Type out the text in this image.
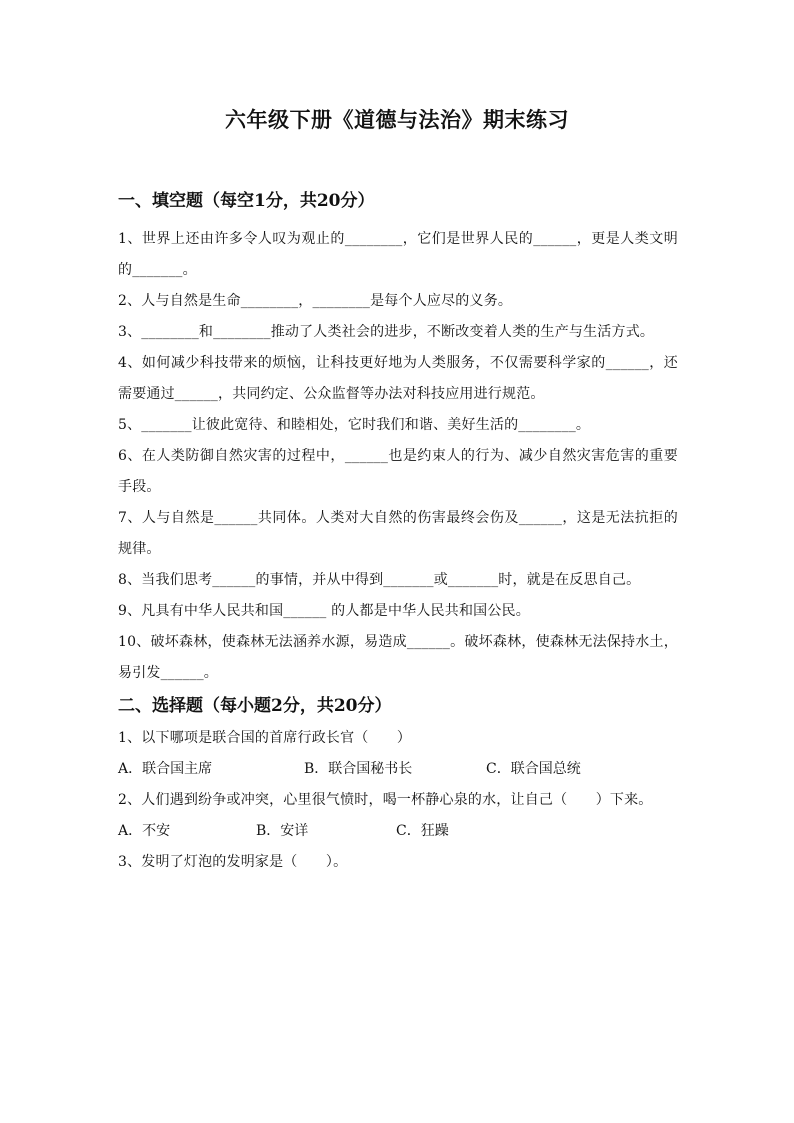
六年级下册《道德与法治》期末练习
一、填空题（每空1分，共20分）
1、世界上还由许多令人叹为观止的________，它们是世界人民的______，更是人类文明的_______。
2、人与自然是生命________，________是每个人应尽的义务。
3、________和________推动了人类社会的进步，不断改变着人类的生产与生活方式。
4、如何减少科技带来的烦恼，让科技更好地为人类服务，不仅需要科学家的______，还需要通过______，共同约定、公众监督等办法对科技应用进行规范。
5、_______让彼此宽待、和睦相处，它时我们和谐、美好生活的________。
6、在人类防御自然灾害的过程中，______也是约束人的行为、减少自然灾害危害的重要手段。
7、人与自然是______共同体。人类对大自然的伤害最终会伤及______，这是无法抗拒的规律。
8、当我们思考______的事情，并从中得到_______或_______时，就是在反思自己。
9、凡具有中华人民共和国______ 的人都是中华人民共和国公民。
10、破坏森林，使森林无法涵养水源，易造成______。破坏森林，使森林无法保持水土，易引发______。
二、选择题（每小题2分，共20分）
1、以下哪项是联合国的首席行政长官（　　）
A．联合国主席	B．联合国秘书长	C．联合国总统
2、人们遇到纷争或冲突，心里很气愤时，喝一杯静心泉的水，让自己（　　）下来。
A．不安	B．安详	C．狂躁
3、发明了灯泡的发明家是（　　）。
